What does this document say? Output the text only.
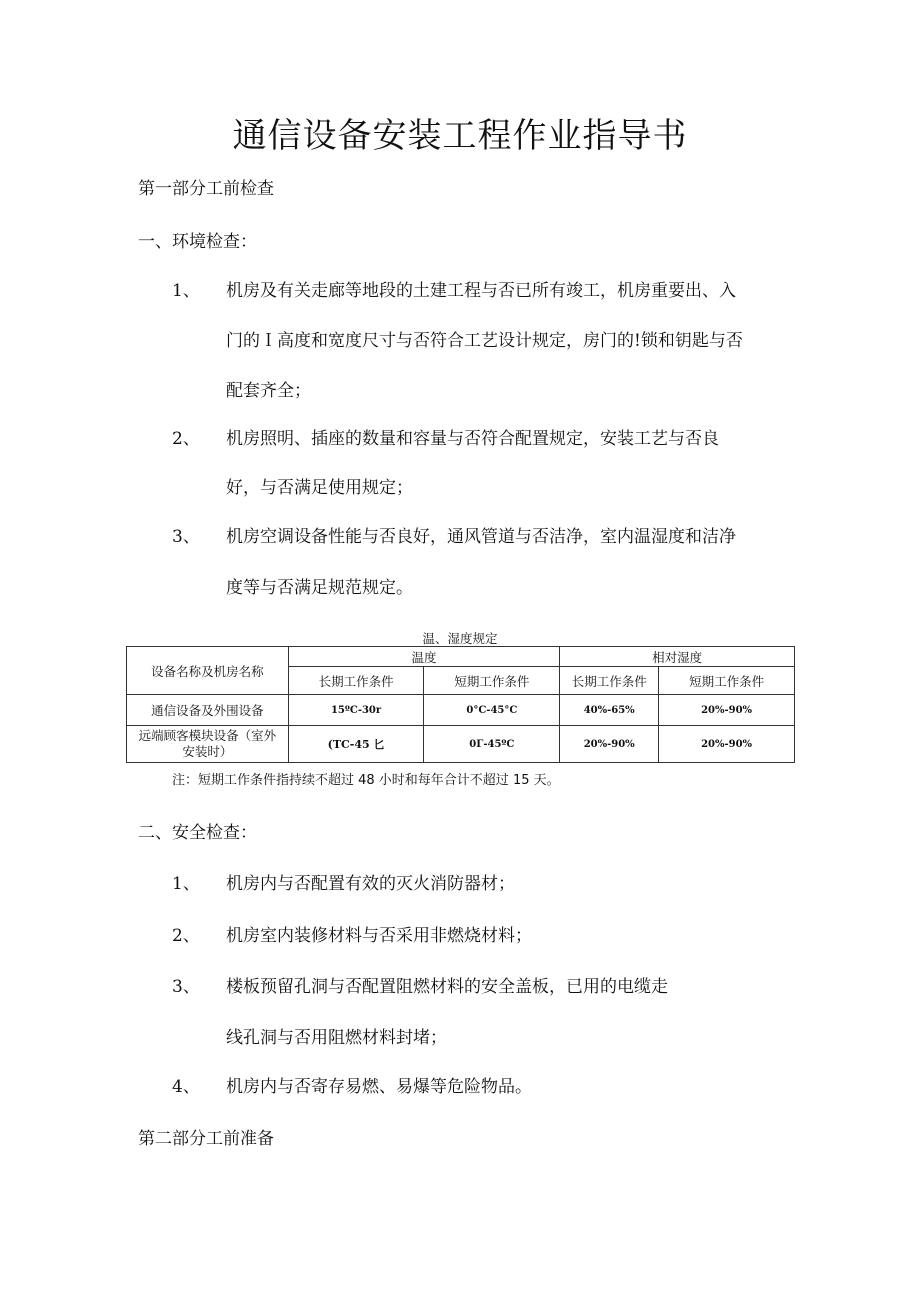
通信设备安装工程作业指导书
第一部分工前检查
一、环境检查：
1、 机房及有关走廊等地段的土建工程与否已所有竣工，机房重要出、入
门的Ｉ高度和宽度尺寸与否符合工艺设计规定，房门的!锁和钥匙与否
配套齐全；
2、 机房照明、插座的数量和容量与否符合配置规定，安装工艺与否良
好，与否满足使用规定；
3、 机房空调设备性能与否良好，通风管道与否洁净，室内温湿度和洁净
度等与否满足规范规定。
温、湿度规定
设备名称及机房名称	温度		相对湿度	
	长期工作条件	短期工作条件	长期工作条件	短期工作条件
通信设备及外围设备	15ºC-30r	0°C-45°C	40%-65%	20%-90%
远端顾客模块设备（室外
安装时）	(TC-45 匕	0Γ-45ºC	20%-90%	20%-90%
注：短期工作条件指持续不超过 48 小时和每年合计不超过 15 天。
二、安全检查：
1、 机房内与否配置有效的灭火消防器材；
2、 机房室内装修材料与否采用非燃烧材料；
3、 楼板预留孔洞与否配置阻燃材料的安全盖板，已用的电缆走
线孔洞与否用阻燃材料封堵；
4、 机房内与否寄存易燃、易爆等危险物品。
第二部分工前准备
